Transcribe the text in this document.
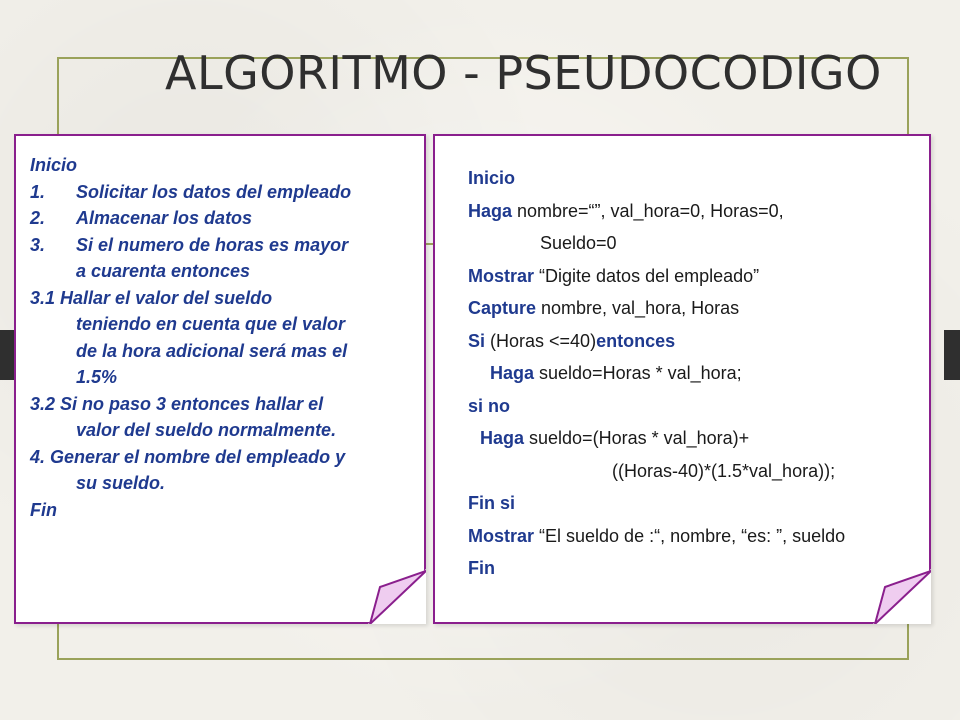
ALGORITMO - PSEUDOCODIGO
Inicio
1. Solicitar los datos del empleado
2. Almacenar los datos
3. Si el numero de horas es mayor
a cuarenta entonces
3.1 Hallar el valor del sueldo
teniendo en cuenta que el valor
de la hora adicional será mas el
1.5%
3.2 Si no paso 3 entonces hallar el
valor del sueldo normalmente.
4. Generar el nombre del empleado y
su sueldo.
Fin
Inicio
Haga nombre=“”, val_hora=0, Horas=0,
Sueldo=0
Mostrar “Digite datos del empleado”
Capture nombre, val_hora, Horas
Si (Horas <=40)entonces
Haga sueldo=Horas * val_hora;
si no
Haga sueldo=(Horas * val_hora)+
((Horas-40)*(1.5*val_hora));
Fin si
Mostrar “El sueldo de :“, nombre, “es: ”, sueldo
Fin
